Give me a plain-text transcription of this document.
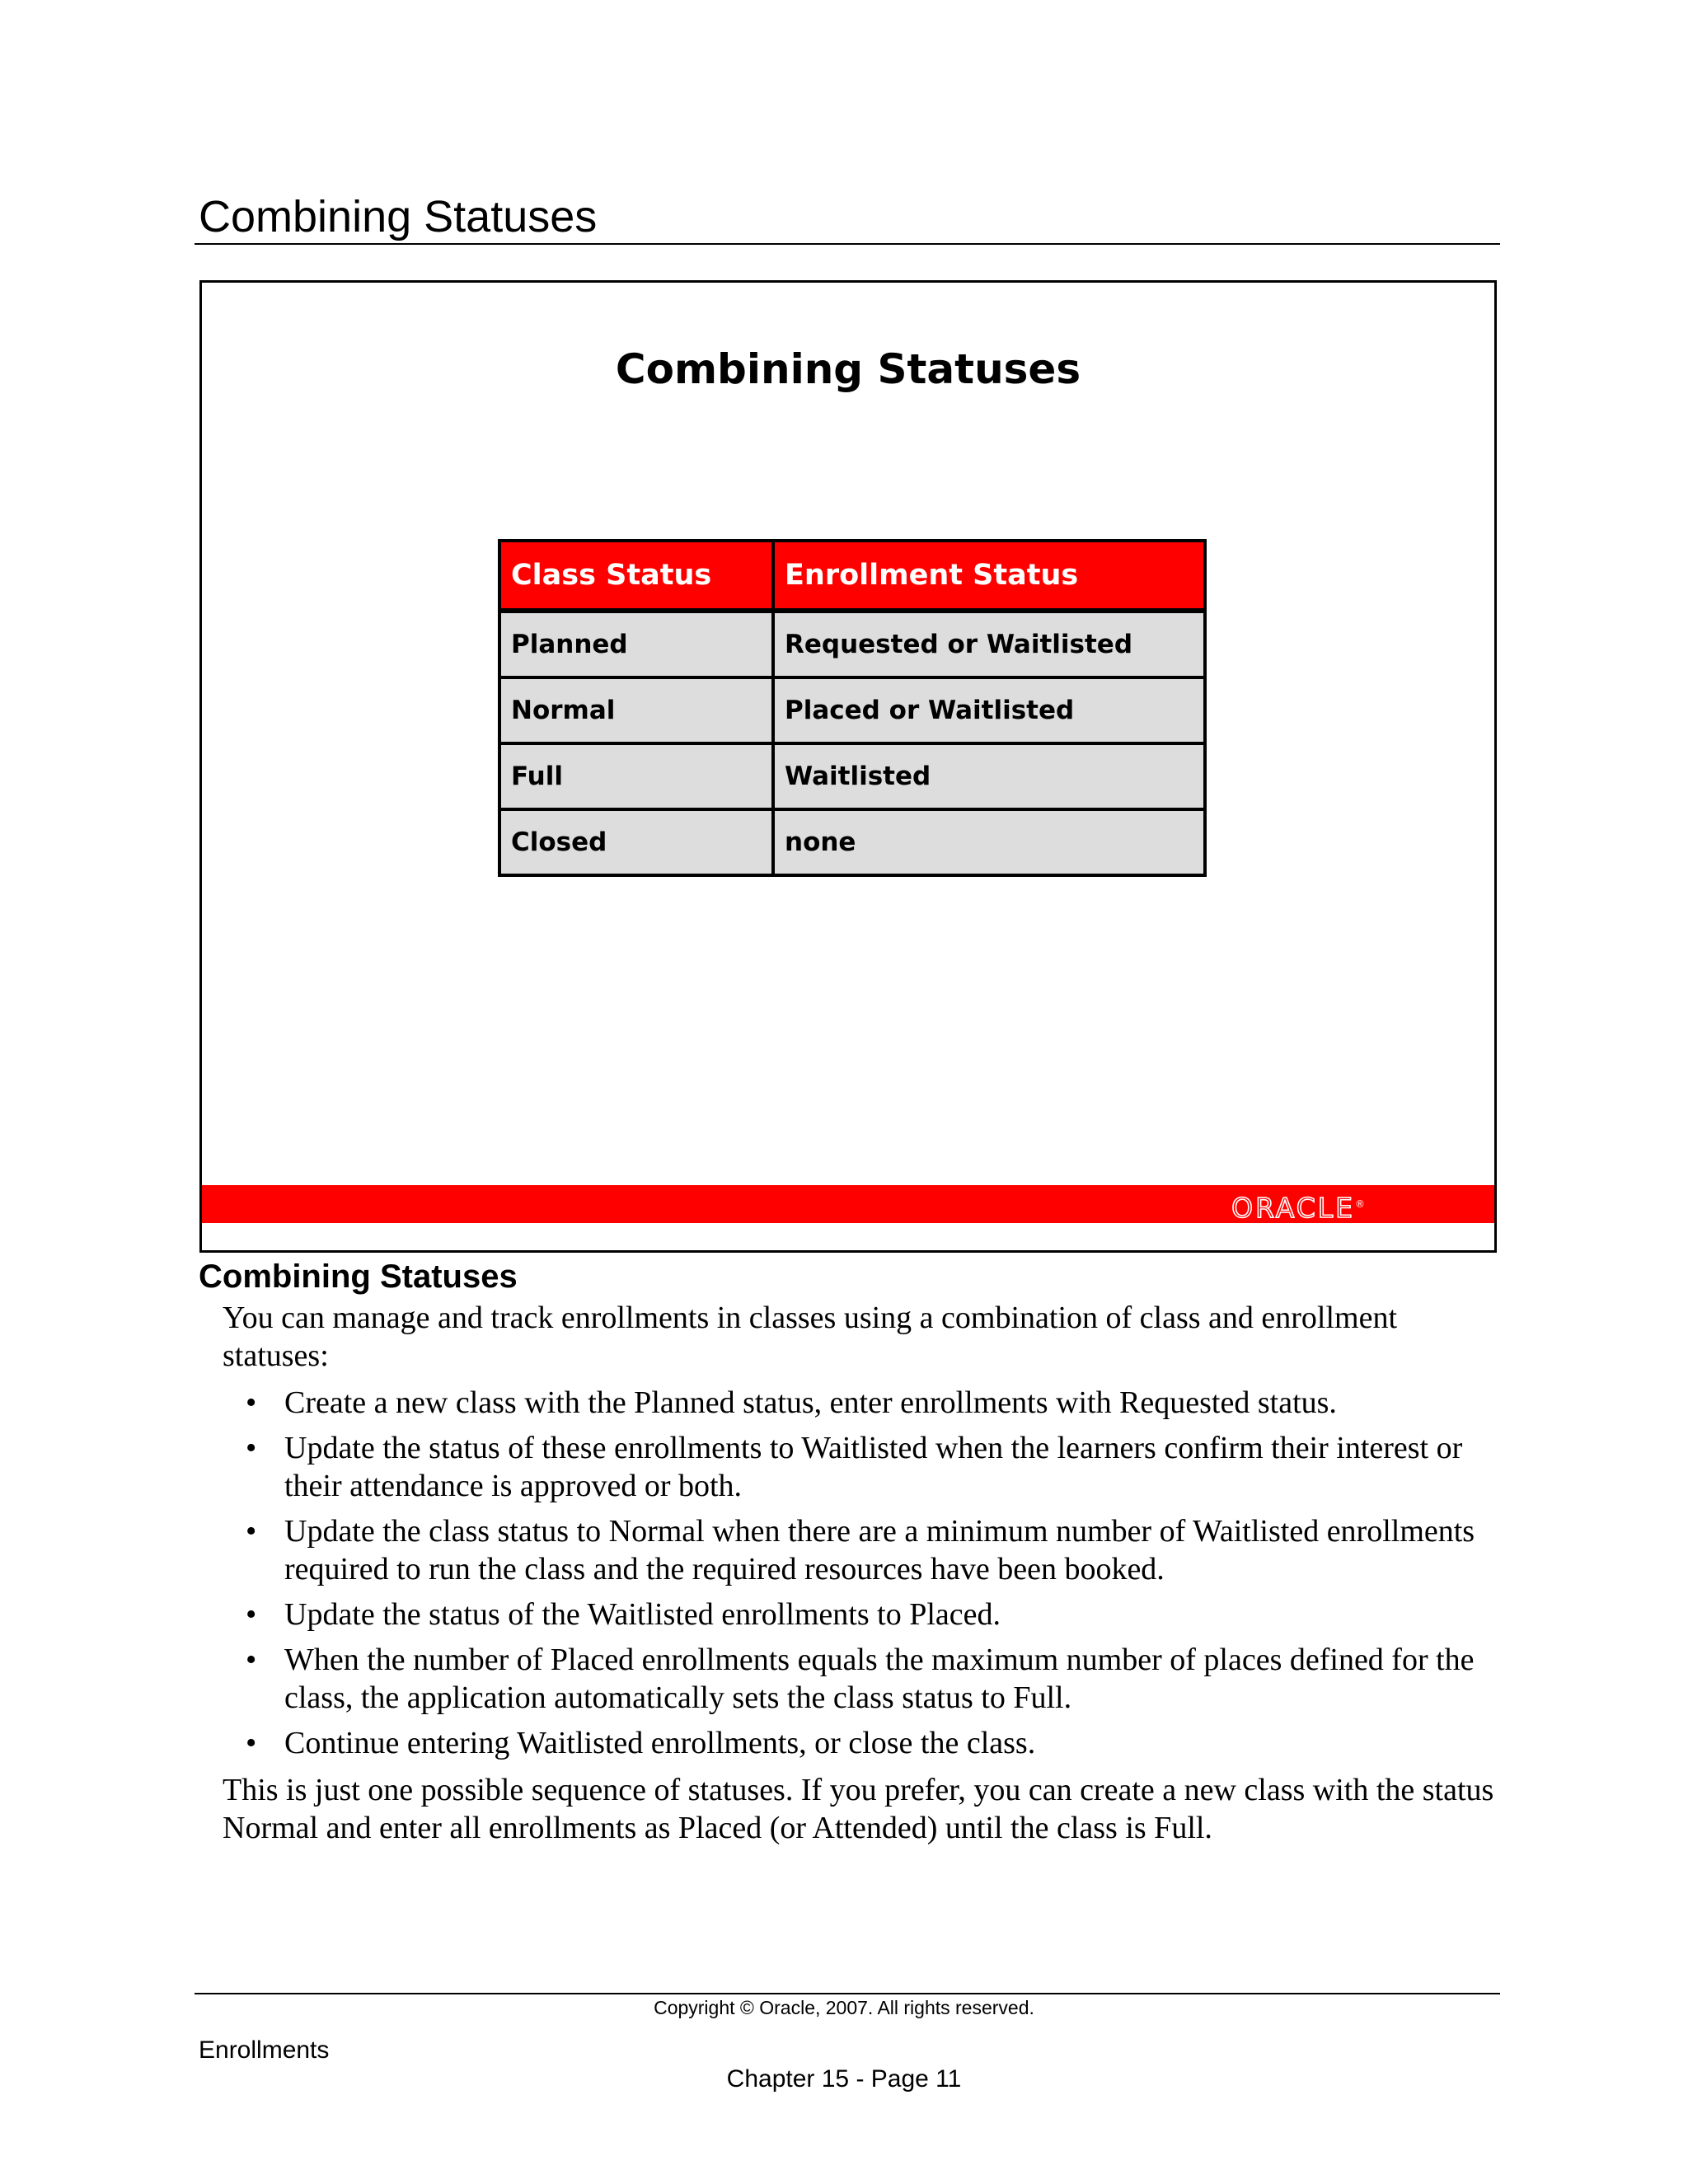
Combining Statuses
Combining Statuses
Class Status	Enrollment Status
Planned	Requested or Waitlisted
Normal	Placed or Waitlisted
Full	Waitlisted
Closed	none
ORACLE®
Combining Statuses

You can manage and track enrollments in classes using a combination of class and enrollment statuses:

• Create a new class with the Planned status, enter enrollments with Requested status.
• Update the status of these enrollments to Waitlisted when the learners confirm their interest or their attendance is approved or both.
• Update the class status to Normal when there are a minimum number of Waitlisted enrollments required to run the class and the required resources have been booked.
• Update the status of the Waitlisted enrollments to Placed.
• When the number of Placed enrollments equals the maximum number of places defined for the class, the application automatically sets the class status to Full.
• Continue entering Waitlisted enrollments, or close the class.

This is just one possible sequence of statuses. If you prefer, you can create a new class with the status Normal and enter all enrollments as Placed (or Attended) until the class is Full.

Copyright © Oracle, 2007. All rights reserved.
Enrollments
Chapter 15 - Page 11
